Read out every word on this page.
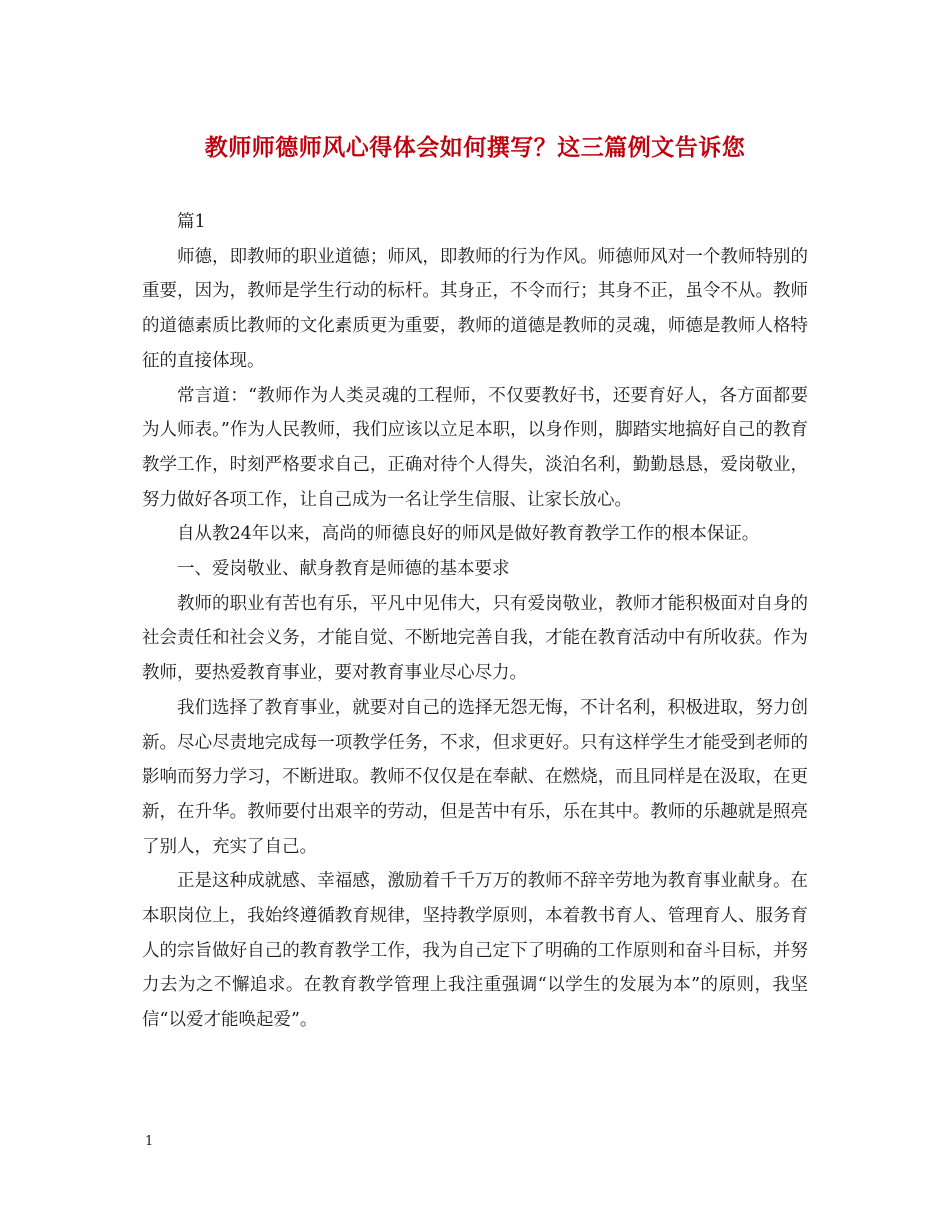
教师师德师风心得体会如何撰写？这三篇例文告诉您

篇1

师德，即教师的职业道德；师风，即教师的行为作风。师德师风对一个教师特别的重要，因为，教师是学生行动的标杆。其身正，不令而行；其身不正，虽令不从。教师的道德素质比教师的文化素质更为重要，教师的道德是教师的灵魂，师德是教师人格特征的直接体现。

常言道：“教师作为人类灵魂的工程师，不仅要教好书，还要育好人，各方面都要为人师表。”作为人民教师，我们应该以立足本职，以身作则，脚踏实地搞好自己的教育教学工作，时刻严格要求自己，正确对待个人得失，淡泊名利，勤勤恳恳，爱岗敬业，努力做好各项工作，让自己成为一名让学生信服、让家长放心。

自从教24年以来，高尚的师德良好的师风是做好教育教学工作的根本保证。

一、爱岗敬业、献身教育是师德的基本要求

教师的职业有苦也有乐，平凡中见伟大，只有爱岗敬业，教师才能积极面对自身的社会责任和社会义务，才能自觉、不断地完善自我，才能在教育活动中有所收获。作为教师，要热爱教育事业，要对教育事业尽心尽力。

我们选择了教育事业，就要对自己的选择无怨无悔，不计名利，积极进取，努力创新。尽心尽责地完成每一项教学任务，不求，但求更好。只有这样学生才能受到老师的影响而努力学习，不断进取。教师不仅仅是在奉献、在燃烧，而且同样是在汲取，在更新，在升华。教师要付出艰辛的劳动，但是苦中有乐，乐在其中。教师的乐趣就是照亮了别人，充实了自己。

正是这种成就感、幸福感，激励着千千万万的教师不辞辛劳地为教育事业献身。在本职岗位上，我始终遵循教育规律，坚持教学原则，本着教书育人、管理育人、服务育人的宗旨做好自己的教育教学工作，我为自己定下了明确的工作原则和奋斗目标，并努力去为之不懈追求。在教育教学管理上我注重强调“以学生的发展为本”的原则，我坚信“以爱才能唤起爱”。

1
